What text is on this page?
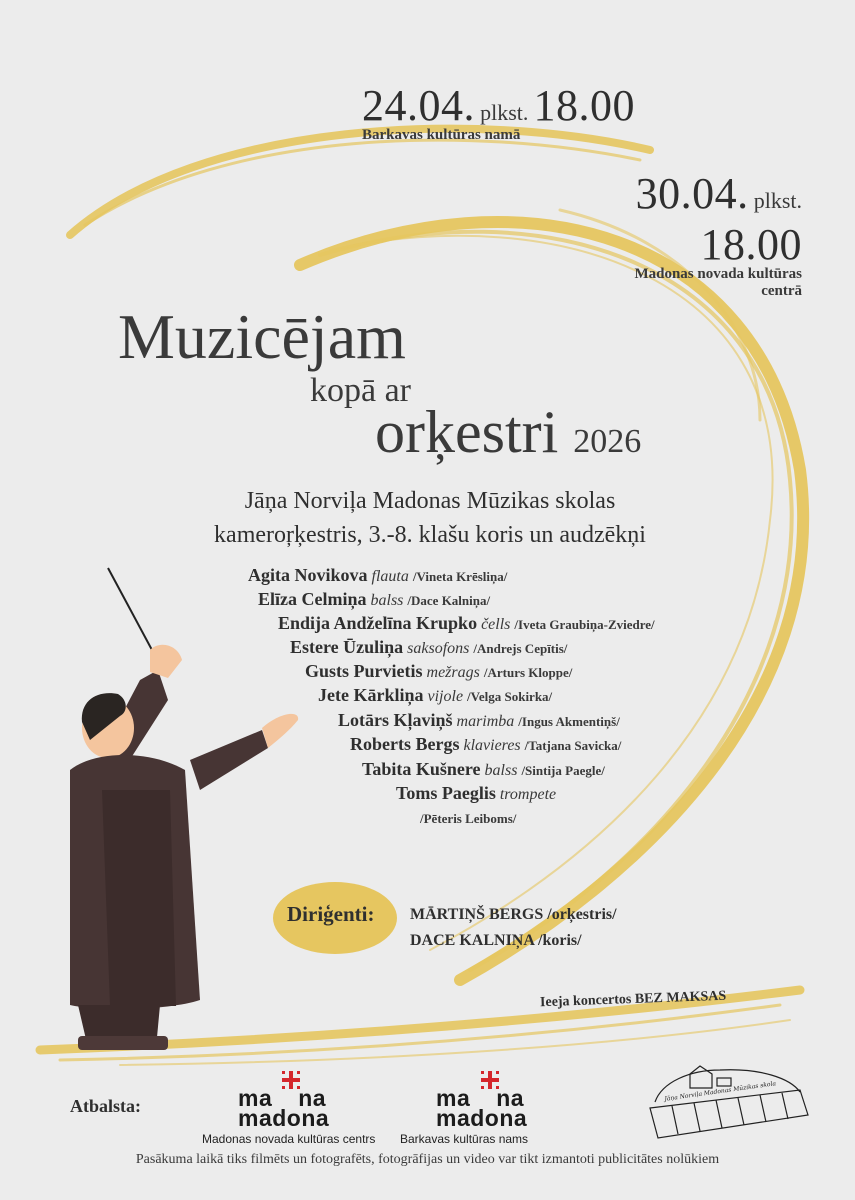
24.04. plkst. 18.00
Barkavas kultūras namā
30.04. plkst. 18.00
Madonas novada kultūras
centrā
Muzicējam
kopā ar
orķestri 2026
Jāņa Norviļa Madonas Mūzikas skolas
kameroŗķestris, 3.-8. klašu koris un audzēkņi
Agita Novikova flauta /Vineta Krēsliņa/
Elīza Celmiņa balss /Dace Kalniņa/
Endija Andželīna Krupko čells /Iveta Graubiņa-Zviedre/
Estere Ūzuliņa saksofons /Andrejs Cepītis/
Gusts Purvietis mežrags /Arturs Kloppe/
Jete Kārkliņa vijole /Velga Sokirka/
Lotārs Kļaviņš marimba /Ingus Akmentiņš/
Roberts Bergs klavieres /Tatjana Savicka/
Tabita Kušnere balss /Sintija Paegle/
Toms Paeglis trompete
/Pēteris Leiboms/
Diriģenti: MĀRTIŅŠ BERGS /orķestris/
DACE KALNIŅA /koris/
Ieeja koncertos BEZ MAKSAS
Atbalsta:	ma na
madona
Madonas novada kultūras centrs
ma na
madona
Barkavas kultūras nams
Jāņa Norviļa Madonas Mūzikas skola
Pasākuma laikā tiks filmēts un fotografēts, fotogrāfijas un video var tikt izmantoti publicitātes nolūkiem
